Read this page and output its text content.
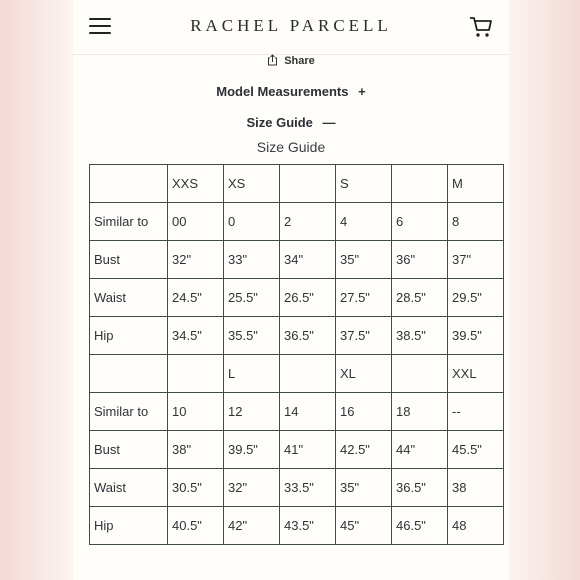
RACHEL PARCELL
Share
Model Measurements +
Size Guide —
Size Guide
	XXS	XS		S		M
Similar to	00	0	2	4	6	8
Bust	32"	33"	34"	35"	36"	37"
Waist	24.5"	25.5"	26.5"	27.5"	28.5"	29.5"
Hip	34.5"	35.5"	36.5"	37.5"	38.5"	39.5"
		L		XL		XXL
Similar to	10	12	14	16	18	--
Bust	38"	39.5"	41"	42.5"	44"	45.5"
Waist	30.5"	32"	33.5"	35"	36.5"	38
Hip	40.5"	42"	43.5"	45"	46.5"	48
